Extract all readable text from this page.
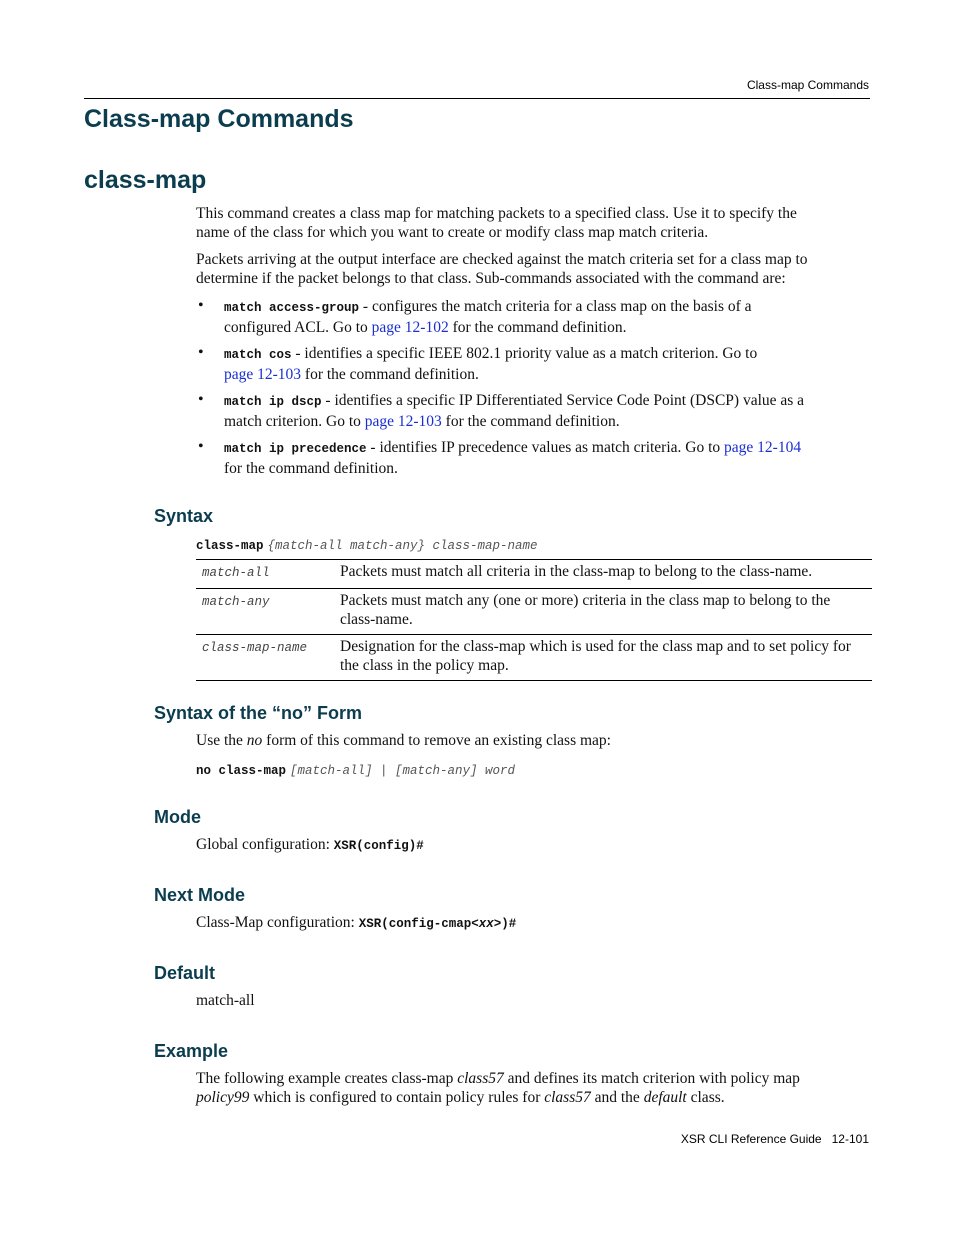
Class-map Commands
Class-map Commands
class-map
This command creates a class map for matching packets to a specified class. Use it to specify the
name of the class for which you want to create or modify class map match criteria.
Packets arriving at the output interface are checked against the match criteria set for a class map to
determine if the packet belongs to that class. Sub-commands associated with the command are:
• match access-group - configures the match criteria for a class map on the basis of a
configured ACL. Go to page 12-102 for the command definition.
• match cos - identifies a specific IEEE 802.1 priority value as a match criterion. Go to
page 12-103 for the command definition.
• match ip dscp - identifies a specific IP Differentiated Service Code Point (DSCP) value as a
match criterion. Go to page 12-103 for the command definition.
• match ip precedence - identifies IP precedence values as match criteria. Go to page 12-104
for the command definition.
Syntax
class-map {match-all match-any} class-map-name
match-all	Packets must match all criteria in the class-map to belong to the class-name.
match-any	Packets must match any (one or more) criteria in the class map to belong to the class-name.
class-map-name	Designation for the class-map which is used for the class map and to set policy for the class in the policy map.
Syntax of the “no” Form
Use the no form of this command to remove an existing class map:
no class-map [match-all] | [match-any] word
Mode
Global configuration: XSR(config)#
Next Mode
Class-Map configuration: XSR(config-cmap<xx>)#
Default
match-all
Example
The following example creates class-map class57 and defines its match criterion with policy map
policy99 which is configured to contain policy rules for class57 and the default class.
XSR CLI Reference Guide 12-101
